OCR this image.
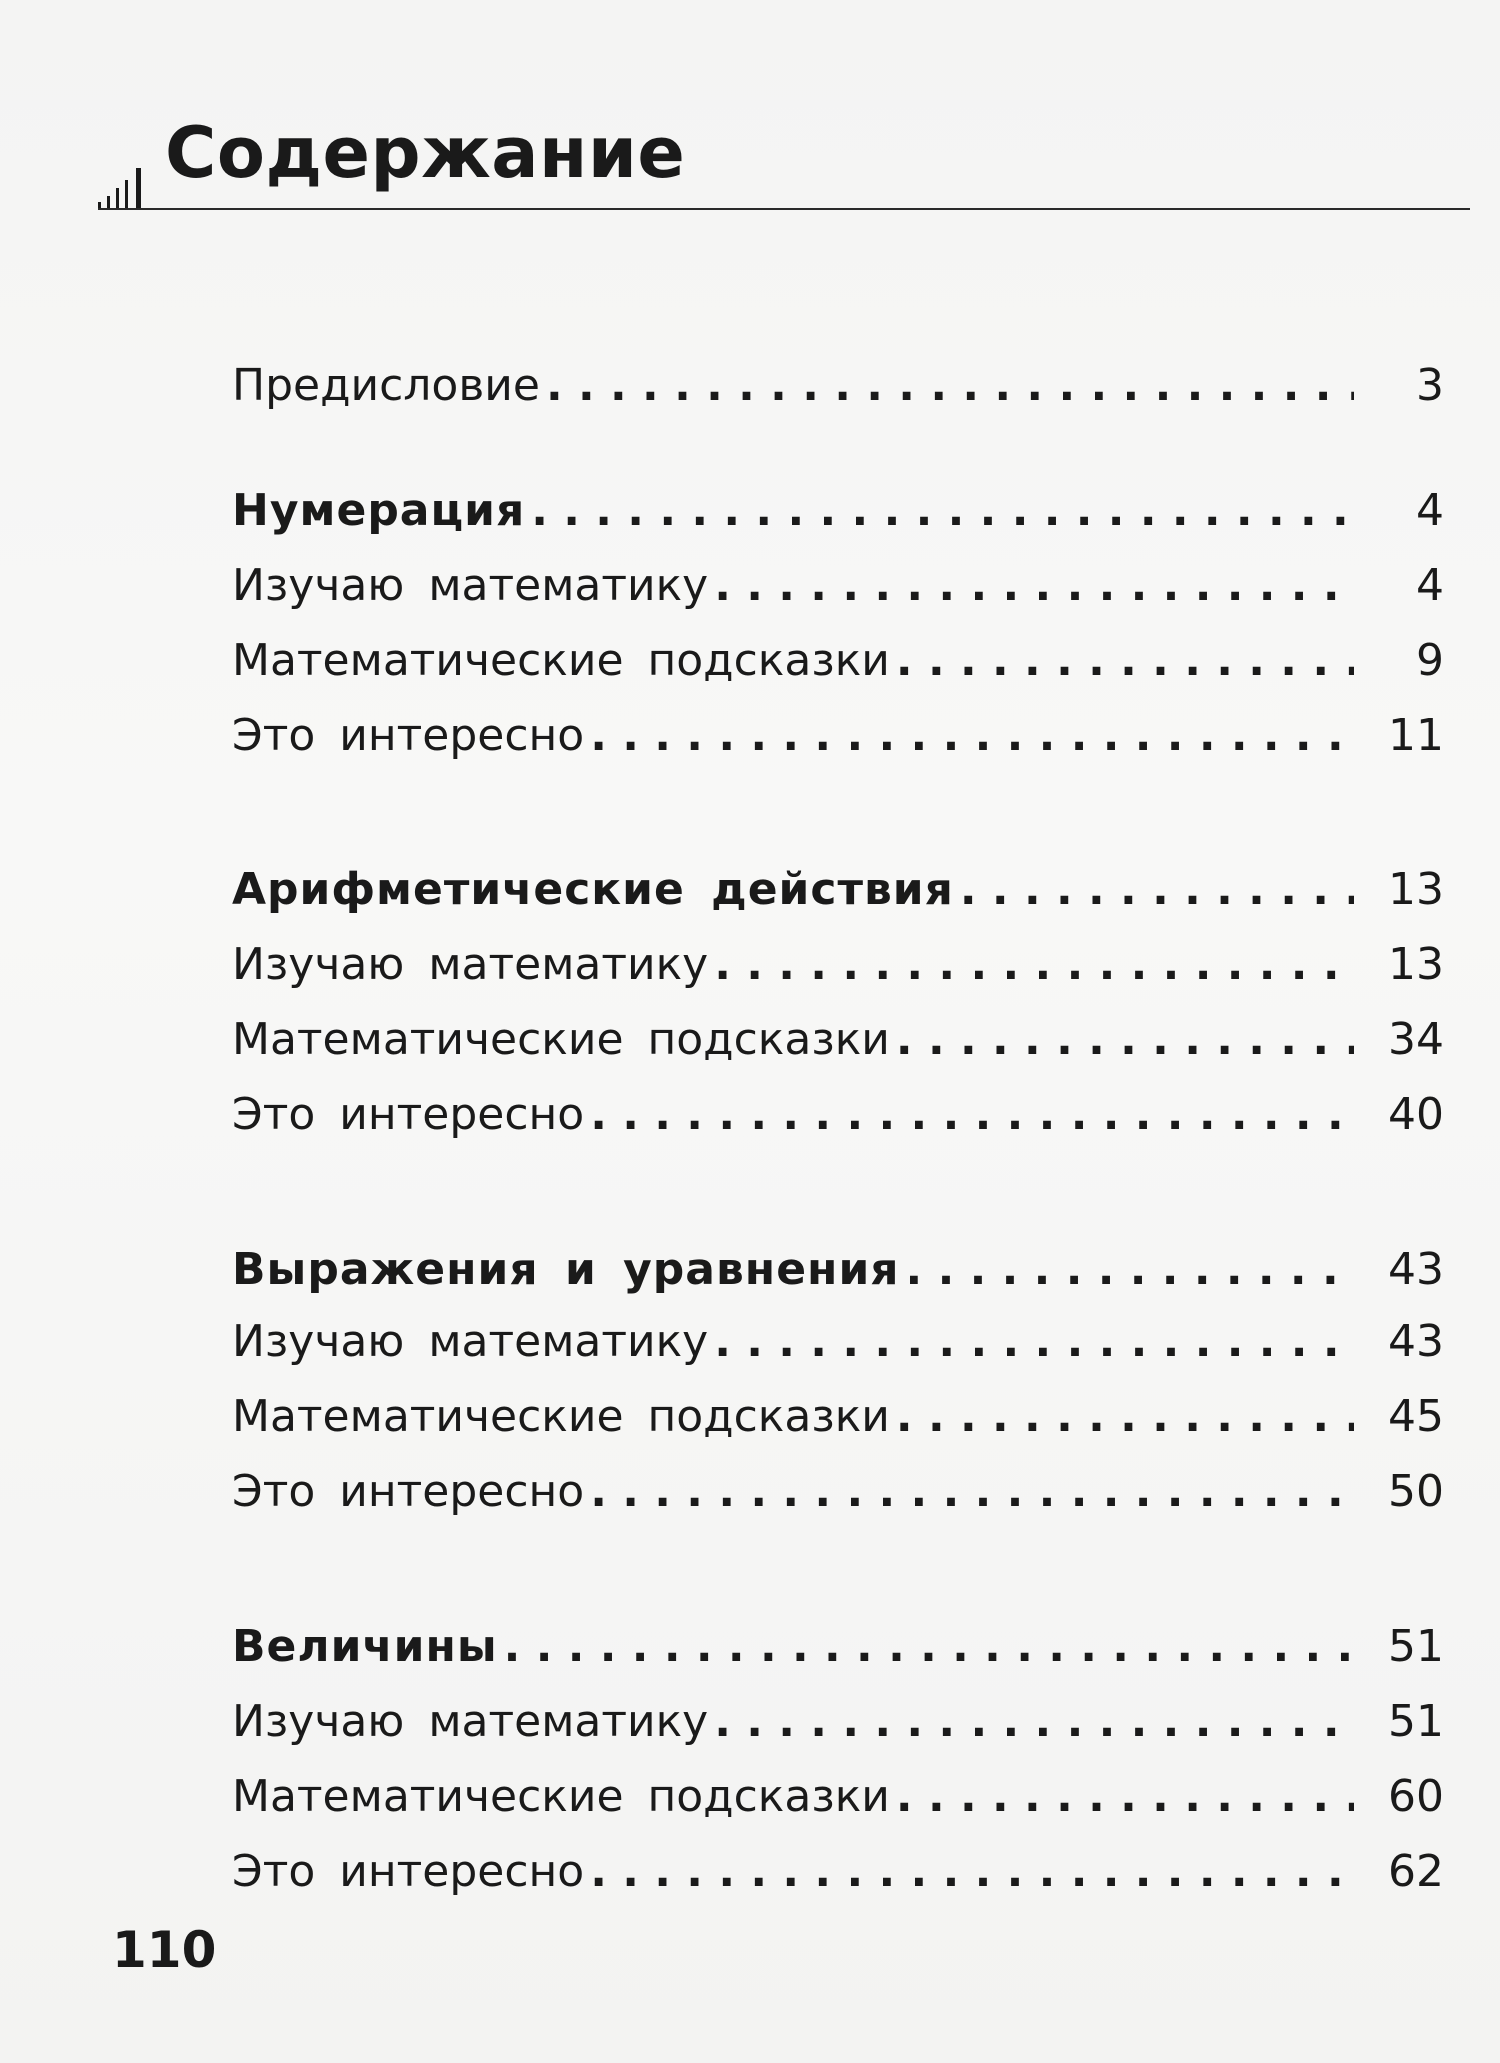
Содержание
Предисловие . . .	3
Нумерация . . .	4
Изучаю математику . . .	4
Математические подсказки . . .	9
Это интересно . . .	11
Арифметические действия . . .	13
Изучаю математику . . .	13
Математические подсказки . . .	34
Это интересно . . .	40
Выражения и уравнения . . .	43
Изучаю математику . . .	43
Математические подсказки . . .	45
Это интересно . . .	50
Величины . . .	51
Изучаю математику . . .	51
Математические подсказки . . .	60
Это интересно . . .	62
110
